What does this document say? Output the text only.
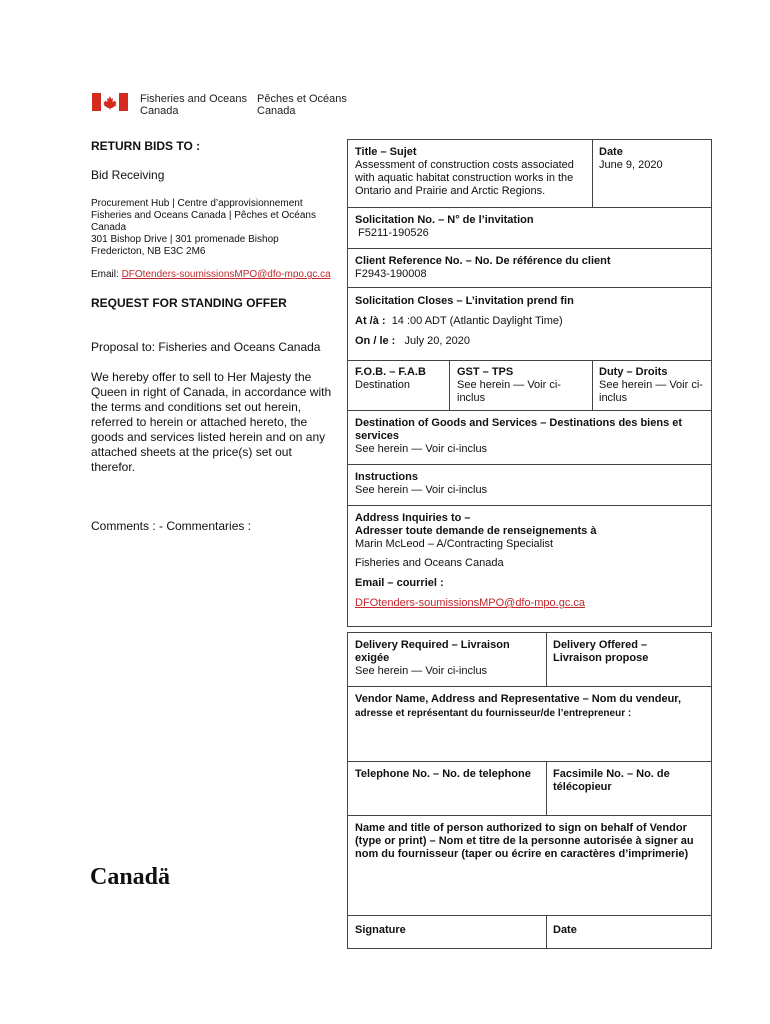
Fisheries and Oceans
Canada
Pêches et Océans
Canada
RETURN BIDS TO :
Bid Receiving
Procurement Hub | Centre d’approvisionnement
Fisheries and Oceans Canada | Pêches et Océans
Canada
301 Bishop Drive | 301 promenade Bishop
Fredericton, NB E3C 2M6
Email: DFOtenders-soumissionsMPO@dfo-mpo.gc.ca
REQUEST FOR STANDING OFFER
Proposal to: Fisheries and Oceans Canada
We hereby offer to sell to Her Majesty the Queen in right of Canada, in accordance with the terms and conditions set out herein, referred to herein or attached hereto, the goods and services listed herein and on any attached sheets at the price(s) set out therefor.
Comments : - Commentaries :
Canadä
Title – Sujet
Assessment of construction costs associated with aquatic habitat construction works in the Ontario and Prairie and Arctic Regions.
Date
June 9, 2020
Solicitation No. – N° de l’invitation
F5211-190526
Client Reference No. – No. De référence du client
F2943-190008
Solicitation Closes – L’invitation prend fin
At /à : 14 :00 ADT (Atlantic Daylight Time)
On / le : July 20, 2020
F.O.B. – F.A.B
Destination
GST – TPS
See herein — Voir ci-inclus
Duty – Droits
See herein — Voir ci-inclus
Destination of Goods and Services – Destinations des biens et services
See herein — Voir ci-inclus
Instructions
See herein — Voir ci-inclus
Address Inquiries to –
Adresser toute demande de renseignements à
Marin McLeod – A/Contracting Specialist
Fisheries and Oceans Canada
Email – courriel :
DFOtenders-soumissionsMPO@dfo-mpo.gc.ca
Delivery Required – Livraison exigée
See herein — Voir ci-inclus
Delivery Offered – Livraison propose
Vendor Name, Address and Representative – Nom du vendeur,
adresse et représentant du fournisseur/de l’entrepreneur :
Telephone No. – No. de telephone	Facsimile No. – No. de télécopieur
Name and title of person authorized to sign on behalf of Vendor (type or print) – Nom et titre de la personne autorisée à signer au nom du fournisseur (taper ou écrire en caractères d’imprimerie)
Signature	Date
